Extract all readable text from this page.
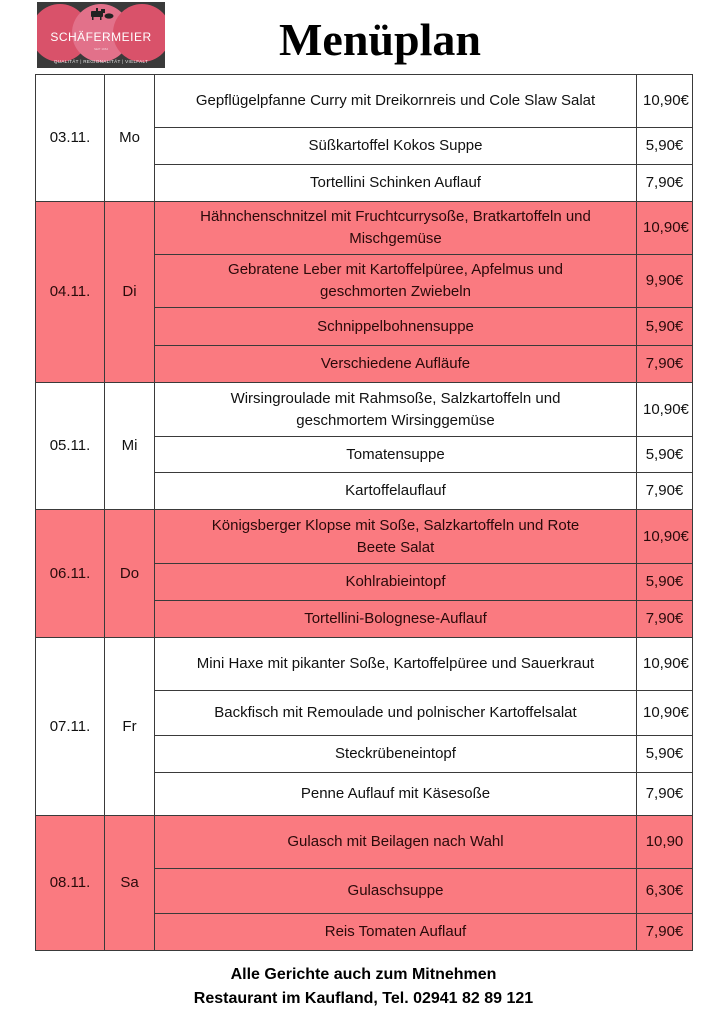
SCHÄFERMEIER
SEIT 1964
QUALITÄT | REGIONALITÄT | VIELFALT	Menüplan
03.11.	Mo	Gepflügelpfanne Curry mit Dreikornreis und Cole Slaw Salat	10,90€
		Süßkartoffel Kokos Suppe	5,90€
		Tortellini Schinken Auflauf	7,90€
04.11.	Di	Hähnchenschnitzel mit Fruchtcurrysoße, Bratkartoffeln und Mischgemüse	10,90€
		Gebratene Leber mit Kartoffelpüree, Apfelmus und geschmorten Zwiebeln	9,90€
		Schnippelbohnensuppe	5,90€
		Verschiedene Aufläufe	7,90€
05.11.	Mi	Wirsingroulade mit Rahmsoße, Salzkartoffeln und geschmortem Wirsinggemüse	10,90€
		Tomatensuppe	5,90€
		Kartoffelauflauf	7,90€
06.11.	Do	Königsberger Klopse mit Soße, Salzkartoffeln und Rote Beete Salat	10,90€
		Kohlrabieintopf	5,90€
		Tortellini-Bolognese-Auflauf	7,90€
07.11.	Fr	Mini Haxe mit pikanter Soße, Kartoffelpüree und Sauerkraut	10,90€
		Backfisch mit Remoulade und polnischer Kartoffelsalat	10,90€
		Steckrübeneintopf	5,90€
		Penne Auflauf mit Käsesoße	7,90€
08.11.	Sa	Gulasch mit Beilagen nach Wahl	10,90
		Gulaschsuppe	6,30€
		Reis Tomaten Auflauf	7,90€
Alle Gerichte auch zum Mitnehmen
Restaurant im Kaufland, Tel. 02941 82 89 121
